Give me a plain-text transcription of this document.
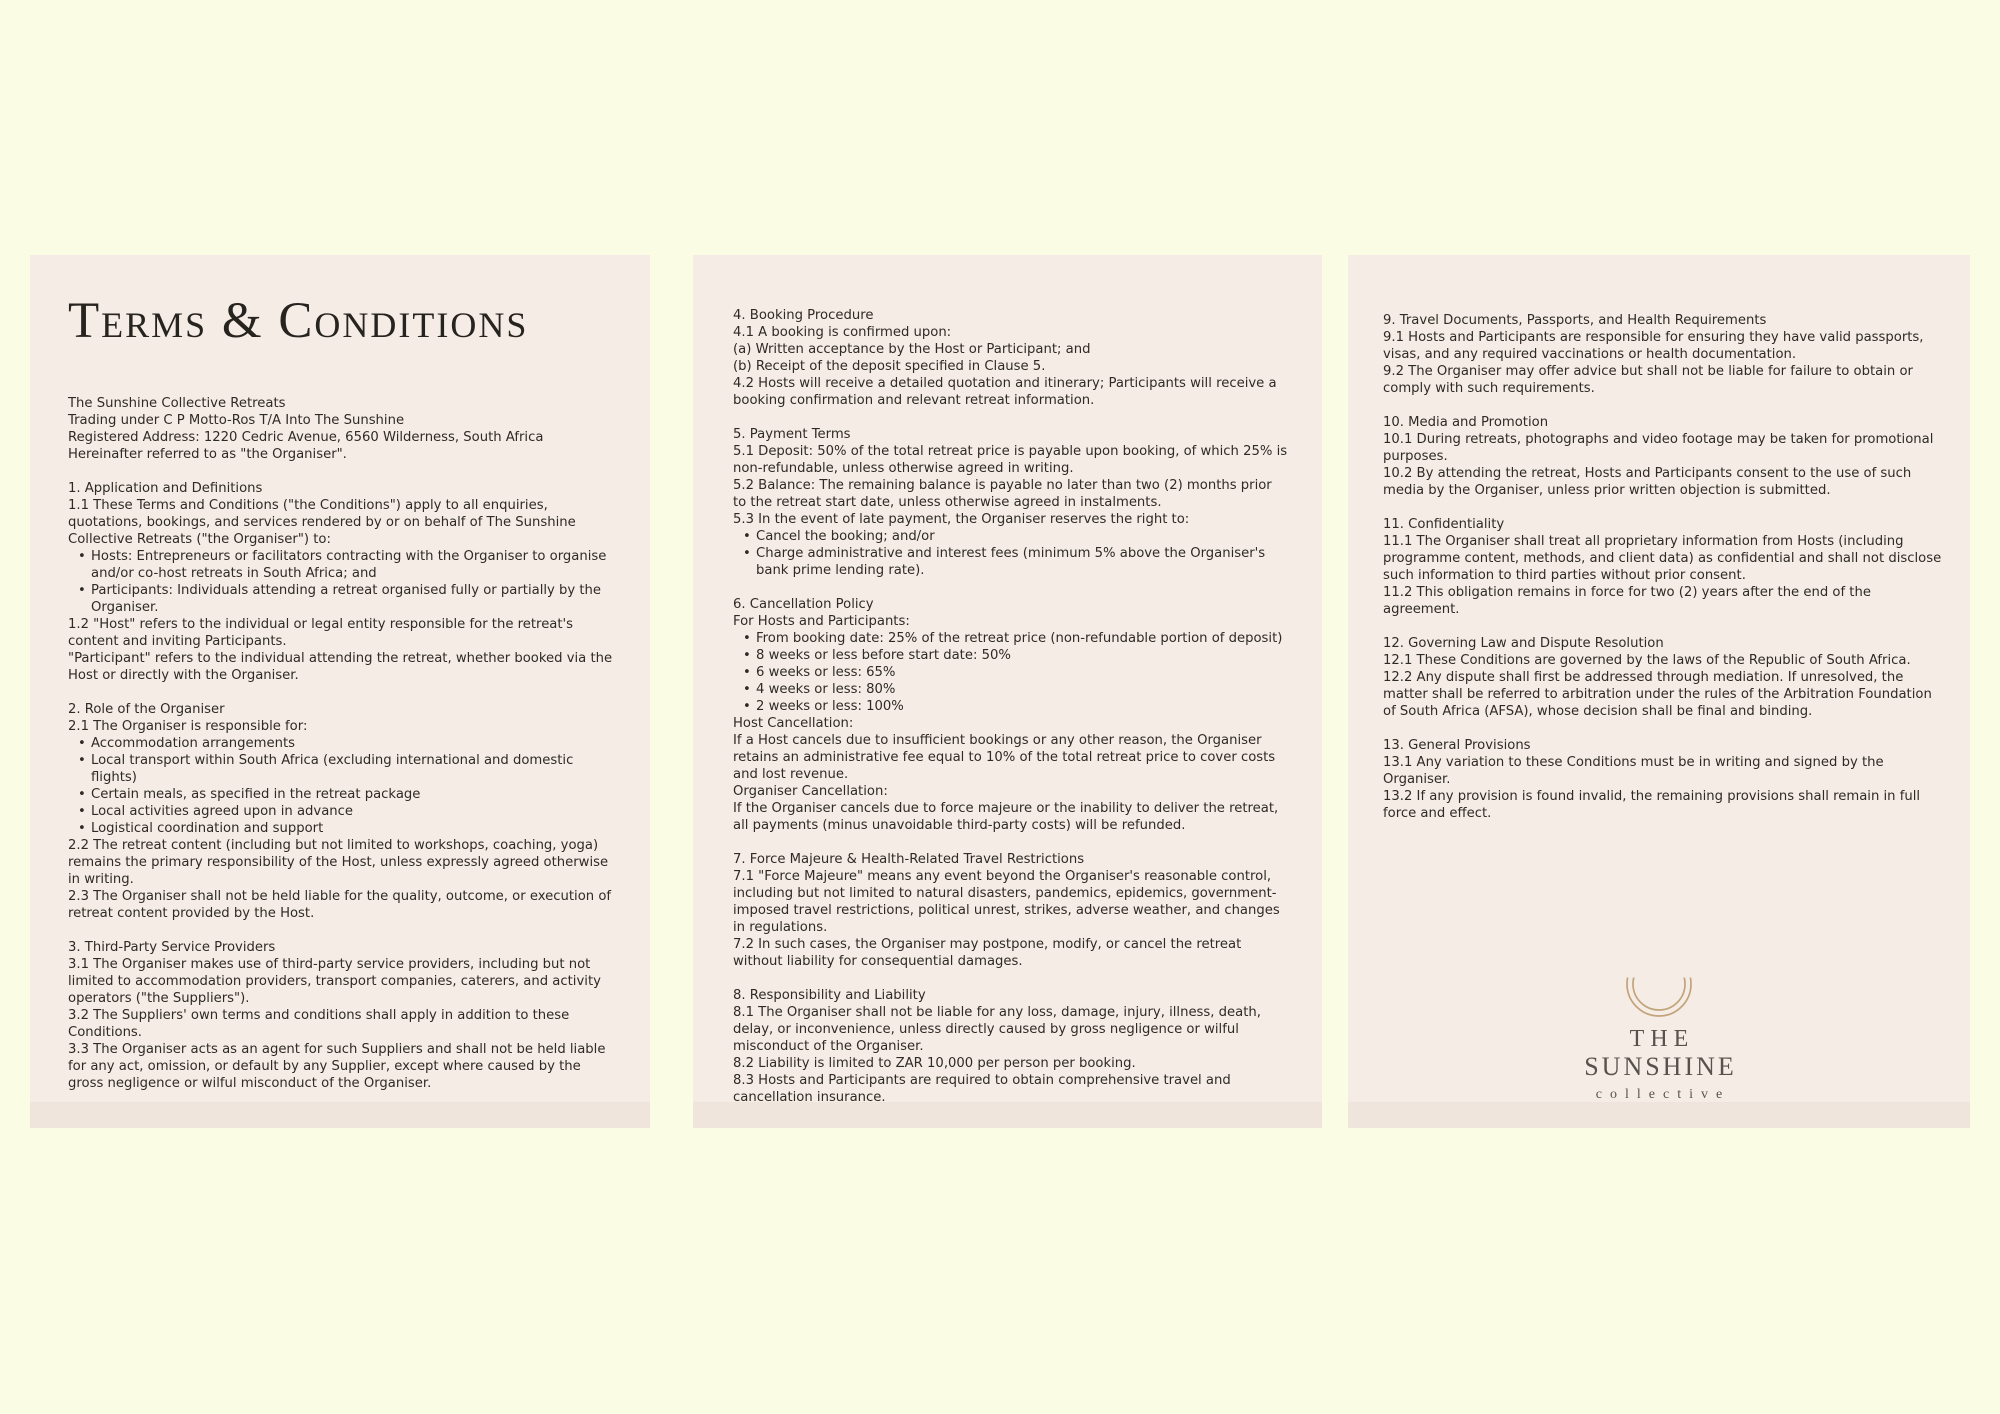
Terms & Conditions
The Sunshine Collective Retreats
Trading under C P Motto-Ros T/A Into The Sunshine
Registered Address: 1220 Cedric Avenue, 6560 Wilderness, South Africa
Hereinafter referred to as "the Organiser".
1. Application and Definitions
1.1 These Terms and Conditions ("the Conditions") apply to all enquiries, quotations, bookings, and services rendered by or on behalf of The Sunshine Collective Retreats ("the Organiser") to:
• Hosts: Entrepreneurs or facilitators contracting with the Organiser to organise and/or co-host retreats in South Africa; and
• Participants: Individuals attending a retreat organised fully or partially by the Organiser.
1.2 "Host" refers to the individual or legal entity responsible for the retreat's content and inviting Participants.
"Participant" refers to the individual attending the retreat, whether booked via the Host or directly with the Organiser.
2. Role of the Organiser
2.1 The Organiser is responsible for:
• Accommodation arrangements
• Local transport within South Africa (excluding international and domestic flights)
• Certain meals, as specified in the retreat package
• Local activities agreed upon in advance
• Logistical coordination and support
2.2 The retreat content (including but not limited to workshops, coaching, yoga) remains the primary responsibility of the Host, unless expressly agreed otherwise in writing.
2.3 The Organiser shall not be held liable for the quality, outcome, or execution of retreat content provided by the Host.
3. Third-Party Service Providers
3.1 The Organiser makes use of third-party service providers, including but not limited to accommodation providers, transport companies, caterers, and activity operators ("the Suppliers").
3.2 The Suppliers' own terms and conditions shall apply in addition to these Conditions.
3.3 The Organiser acts as an agent for such Suppliers and shall not be held liable for any act, omission, or default by any Supplier, except where caused by the gross negligence or wilful misconduct of the Organiser.
4. Booking Procedure
4.1 A booking is confirmed upon:
(a) Written acceptance by the Host or Participant; and
(b) Receipt of the deposit specified in Clause 5.
4.2 Hosts will receive a detailed quotation and itinerary; Participants will receive a booking confirmation and relevant retreat information.
5. Payment Terms
5.1 Deposit: 50% of the total retreat price is payable upon booking, of which 25% is non-refundable, unless otherwise agreed in writing.
5.2 Balance: The remaining balance is payable no later than two (2) months prior to the retreat start date, unless otherwise agreed in instalments.
5.3 In the event of late payment, the Organiser reserves the right to:
• Cancel the booking; and/or
• Charge administrative and interest fees (minimum 5% above the Organiser's bank prime lending rate).
6. Cancellation Policy
For Hosts and Participants:
• From booking date: 25% of the retreat price (non-refundable portion of deposit)
• 8 weeks or less before start date: 50%
• 6 weeks or less: 65%
• 4 weeks or less: 80%
• 2 weeks or less: 100%
Host Cancellation:
If a Host cancels due to insufficient bookings or any other reason, the Organiser retains an administrative fee equal to 10% of the total retreat price to cover costs and lost revenue.
Organiser Cancellation:
If the Organiser cancels due to force majeure or the inability to deliver the retreat, all payments (minus unavoidable third-party costs) will be refunded.
7. Force Majeure & Health-Related Travel Restrictions
7.1 "Force Majeure" means any event beyond the Organiser's reasonable control, including but not limited to natural disasters, pandemics, epidemics, government-imposed travel restrictions, political unrest, strikes, adverse weather, and changes in regulations.
7.2 In such cases, the Organiser may postpone, modify, or cancel the retreat without liability for consequential damages.
8. Responsibility and Liability
8.1 The Organiser shall not be liable for any loss, damage, injury, illness, death, delay, or inconvenience, unless directly caused by gross negligence or wilful misconduct of the Organiser.
8.2 Liability is limited to ZAR 10,000 per person per booking.
8.3 Hosts and Participants are required to obtain comprehensive travel and cancellation insurance.
9. Travel Documents, Passports, and Health Requirements
9.1 Hosts and Participants are responsible for ensuring they have valid passports, visas, and any required vaccinations or health documentation.
9.2 The Organiser may offer advice but shall not be liable for failure to obtain or comply with such requirements.
10. Media and Promotion
10.1 During retreats, photographs and video footage may be taken for promotional purposes.
10.2 By attending the retreat, Hosts and Participants consent to the use of such media by the Organiser, unless prior written objection is submitted.
11. Confidentiality
11.1 The Organiser shall treat all proprietary information from Hosts (including programme content, methods, and client data) as confidential and shall not disclose such information to third parties without prior consent.
11.2 This obligation remains in force for two (2) years after the end of the agreement.
12. Governing Law and Dispute Resolution
12.1 These Conditions are governed by the laws of the Republic of South Africa.
12.2 Any dispute shall first be addressed through mediation. If unresolved, the matter shall be referred to arbitration under the rules of the Arbitration Foundation of South Africa (AFSA), whose decision shall be final and binding.
13. General Provisions
13.1 Any variation to these Conditions must be in writing and signed by the Organiser.
13.2 If any provision is found invalid, the remaining provisions shall remain in full force and effect.
THE
SUNSHINE
collective
